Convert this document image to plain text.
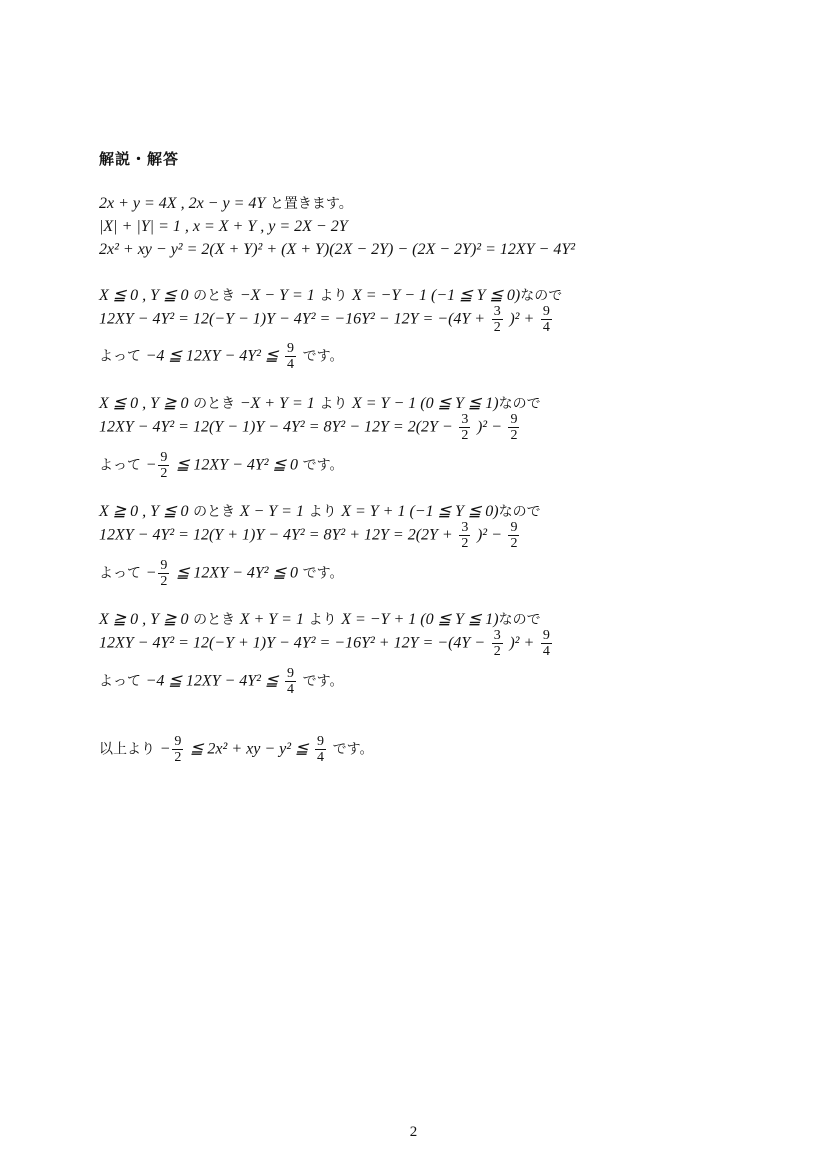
解説・解答
2x + y = 4X , 2x − y = 4Y と置きます。
|X| + |Y| = 1 , x = X + Y , y = 2X − 2Y
2x² + xy − y² = 2(X + Y)² + (X + Y)(2X − 2Y) − (2X − 2Y)² = 12XY − 4Y²
X ≦ 0 , Y ≦ 0 のとき −X − Y = 1 より X = −Y − 1 (−1 ≦ Y ≦ 0)なので
$12XY - 4Y^2 = 12(-Y - 1)Y - 4Y^2 = -16Y^2 - 12Y = -(4Y + \frac{3}{2} )^2 + \frac{9}{4}$
よって −4 ≦ 12XY − 4Y² ≦ $\frac{9}{4}$ です。
X ≦ 0 , Y ≧ 0 のとき −X + Y = 1 より X = Y − 1 (0 ≦ Y ≦ 1)なので
$12XY - 4Y^2 = 12(Y - 1)Y - 4Y^2 = 8Y^2 - 12Y = 2(2Y - \frac{3}{2} )^2 - \frac{9}{2}$
よって − $\frac{9}{2}$ ≦ 12XY − 4Y² ≦ 0 です。
X ≧ 0 , Y ≦ 0 のとき X − Y = 1 より X = Y + 1 (−1 ≦ Y ≦ 0)なので
$12XY - 4Y^2 = 12(Y + 1)Y - 4Y^2 = 8Y^2 + 12Y = 2(2Y + \frac{3}{2} )^2 - \frac{9}{2}$
よって − $\frac{9}{2}$ ≦ 12XY − 4Y² ≦ 0 です。
X ≧ 0 , Y ≧ 0 のとき X + Y = 1 より X = −Y + 1 (0 ≦ Y ≦ 1)なので
$12XY - 4Y^2 = 12(-Y + 1)Y - 4Y^2 = -16Y^2 + 12Y = -(4Y - \frac{3}{2} )^2 + \frac{9}{4}$
よって −4 ≦ 12XY − 4Y² ≦ $\frac{9}{4}$ です。
以上より − $\frac{9}{2}$ ≦ 2x² + xy − y² ≦ $\frac{9}{4}$ です。
2
